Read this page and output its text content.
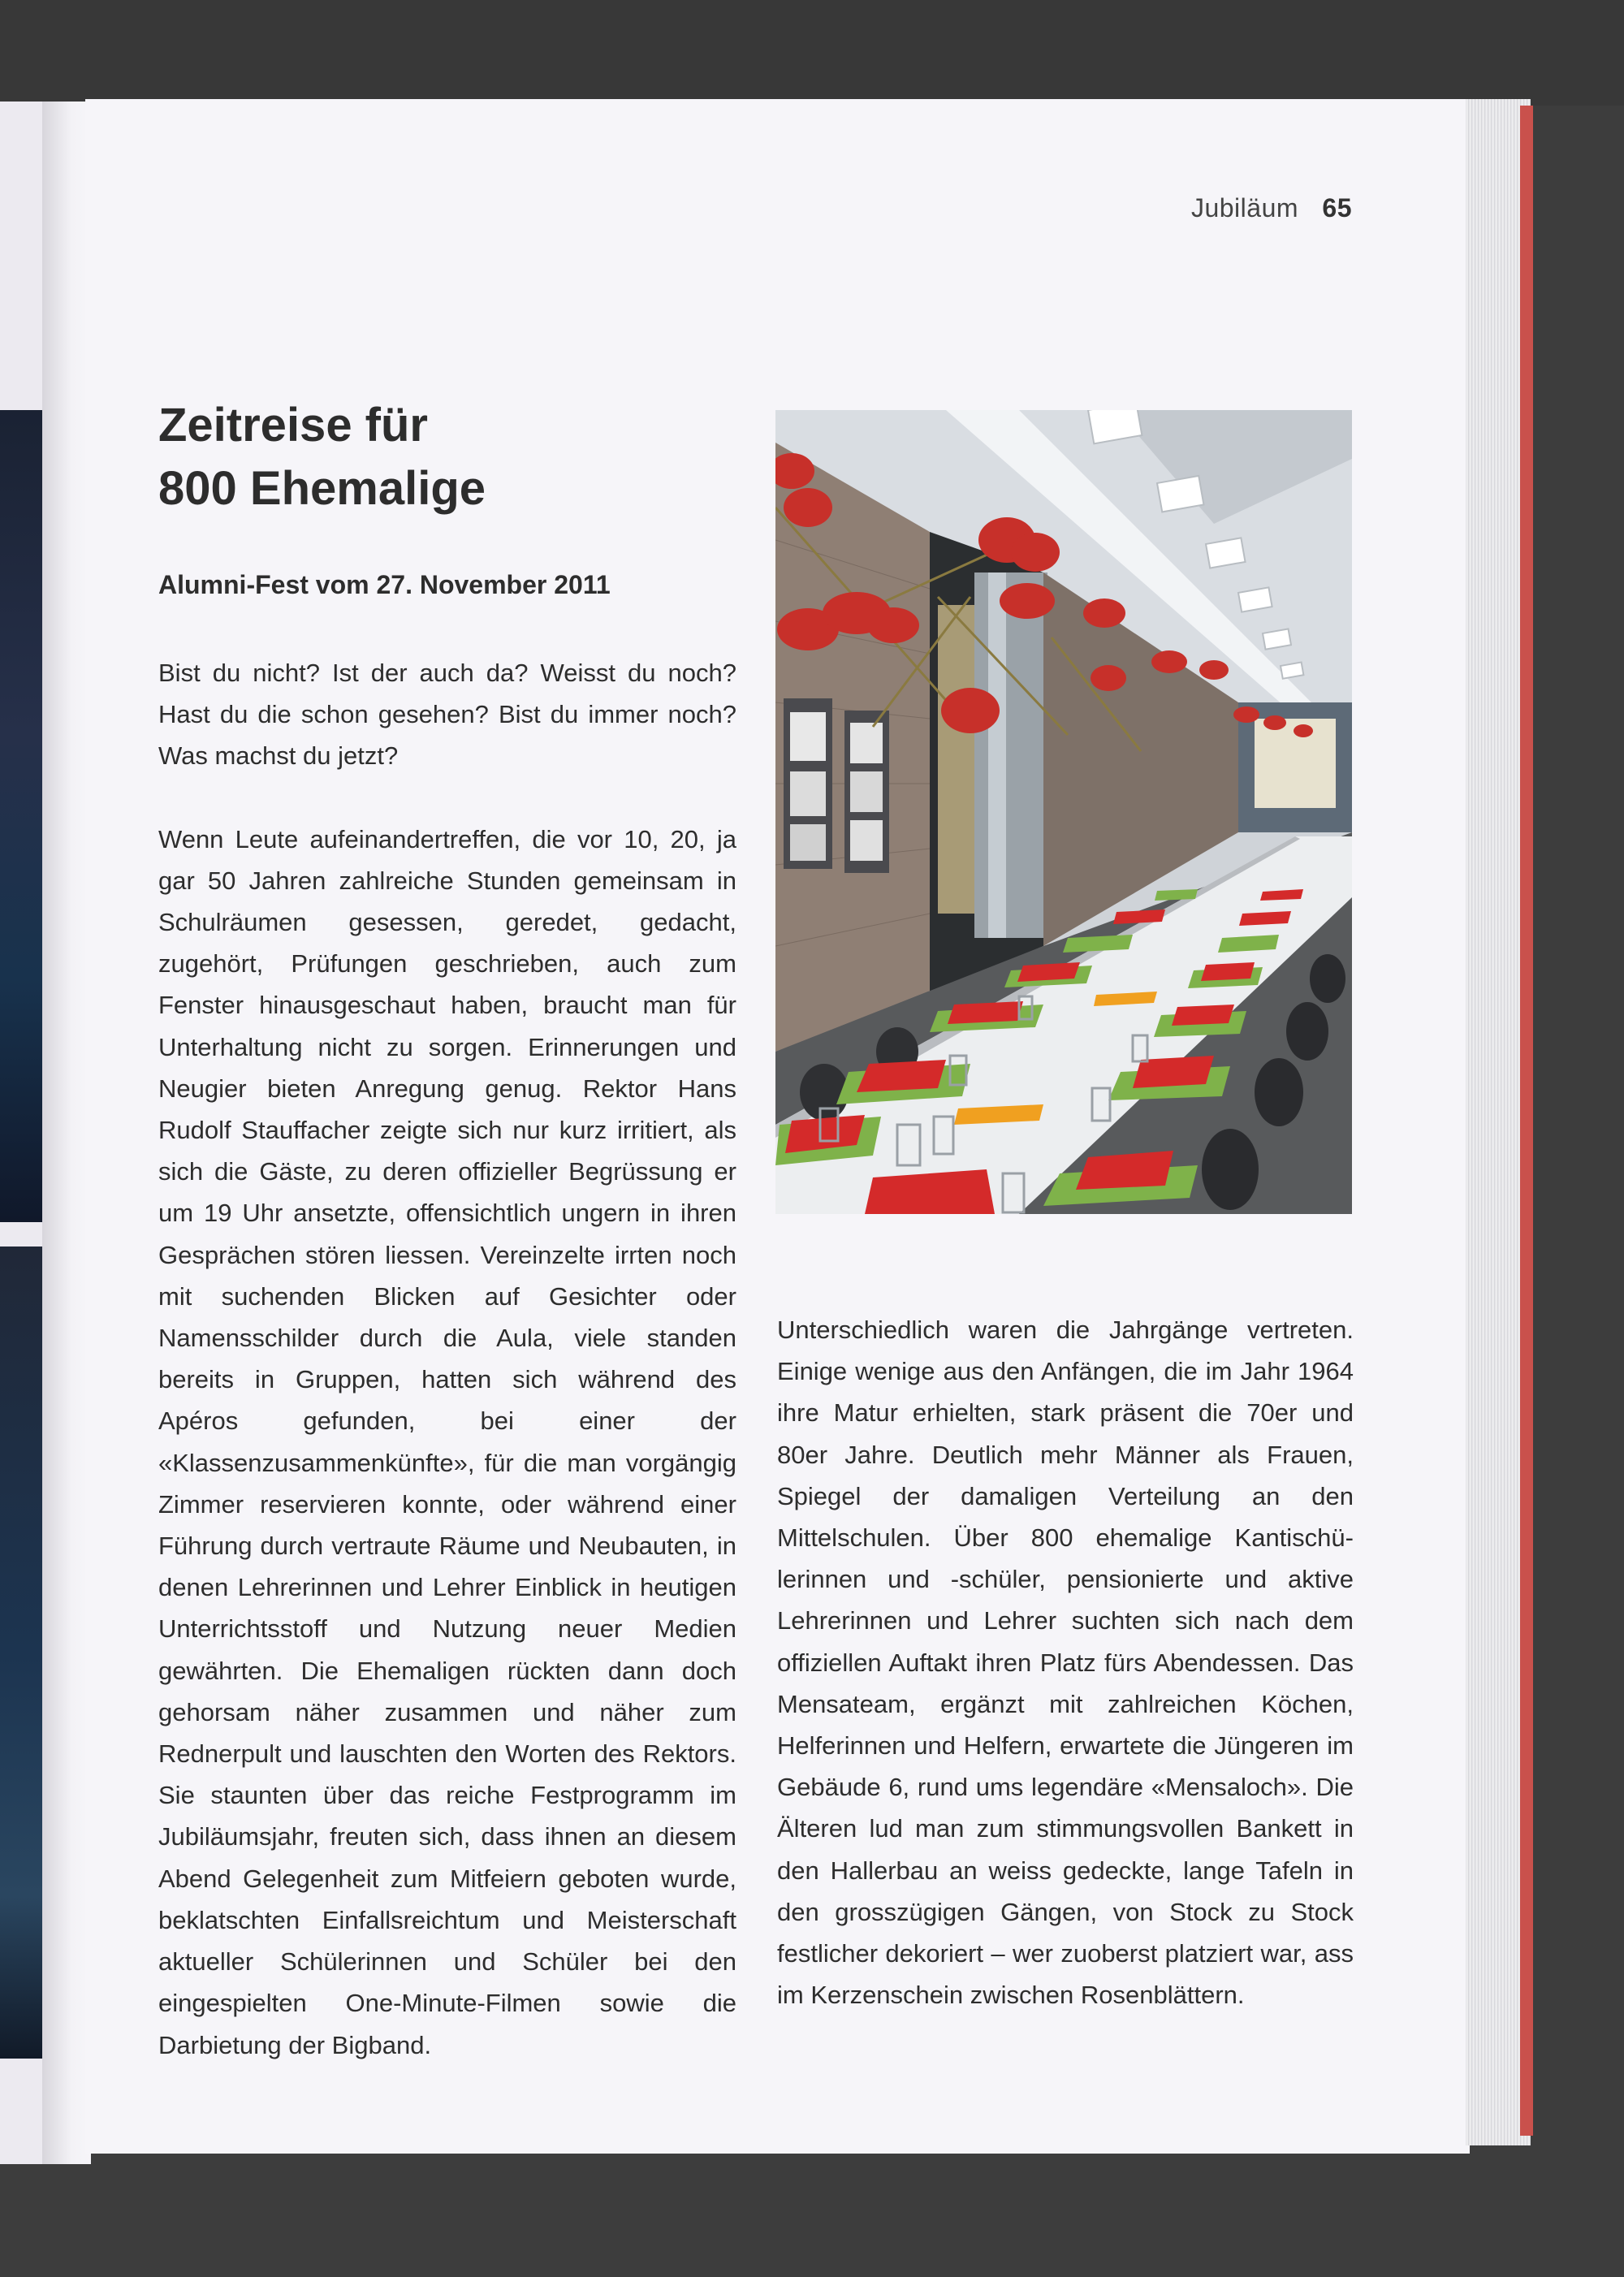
Jubiläum 65
Zeitreise für
800 Ehemalige
Alumni-Fest vom 27. November 2011

Bist du nicht? Ist der auch da? Weisst du noch? Hast du die schon gesehen? Bist du immer noch? Was machst du jetzt?

Wenn Leute aufeinandertreffen, die vor 10, 20, ja gar 50 Jahren zahlreiche Stunden gemeinsam in Schulräumen gesessen, geredet, gedacht, zugehört, Prüfungen geschrieben, auch zum Fenster hinausgeschaut haben, braucht man für Unterhaltung nicht zu sorgen. Erinnerungen und Neugier bieten Anregung genug. Rektor Hans Rudolf Stauffacher zeigte sich nur kurz irritiert, als sich die Gäste, zu deren offizieller Begrüssung er um 19 Uhr ansetzte, offensichtlich ungern in ihren Gesprächen stören liessen. Vereinzelte irrten noch mit suchenden Blicken auf Gesichter oder Namensschilder durch die Aula, viele standen bereits in Gruppen, hatten sich während des Apéros gefunden, bei einer der «Klassenzusammenkünfte», für die man vorgängig Zimmer reservieren konnte, oder während einer Führung durch vertraute Räume und Neubauten, in denen Lehrerinnen und Lehrer Einblick in heutigen Unterrichtsstoff und Nutzung neuer Medien gewährten. Die Ehemaligen rückten dann doch gehorsam näher zusammen und näher zum Rednerpult und lauschten den Worten des Rektors. Sie staunten über das reiche Festprogramm im Jubiläumsjahr, freuten sich, dass ihnen an diesem Abend Gelegenheit zum Mitfeiern geboten wurde, beklatschten Einfallsreichtum und Meisterschaft aktueller Schülerinnen und Schüler bei den eingespielten One-Minute-Filmen sowie die Darbietung der Bigband.

Unterschiedlich waren die Jahrgänge vertreten. Einige wenige aus den Anfängen, die im Jahr 1964 ihre Matur erhielten, stark präsent die 70er und 80er Jahre. Deutlich mehr Männer als Frauen, Spiegel der damaligen Verteilung an den Mittelschulen. Über 800 ehemalige Kantischülerinnen und -schüler, pensionierte und aktive Lehrerinnen und Lehrer suchten sich nach dem offiziellen Auftakt ihren Platz fürs Abendessen. Das Mensateam, ergänzt mit zahlreichen Köchen, Helferinnen und Helfern, erwartete die Jüngeren im Gebäude 6, rund ums legendäre «Mensaloch». Die Älteren lud man zum stimmungsvollen Bankett in den Hallerbau an weiss gedeckte, lange Tafeln in den grosszügigen Gängen, von Stock zu Stock festlicher dekoriert – wer zuoberst platziert war, ass im Kerzenschein zwischen Rosenblättern.
